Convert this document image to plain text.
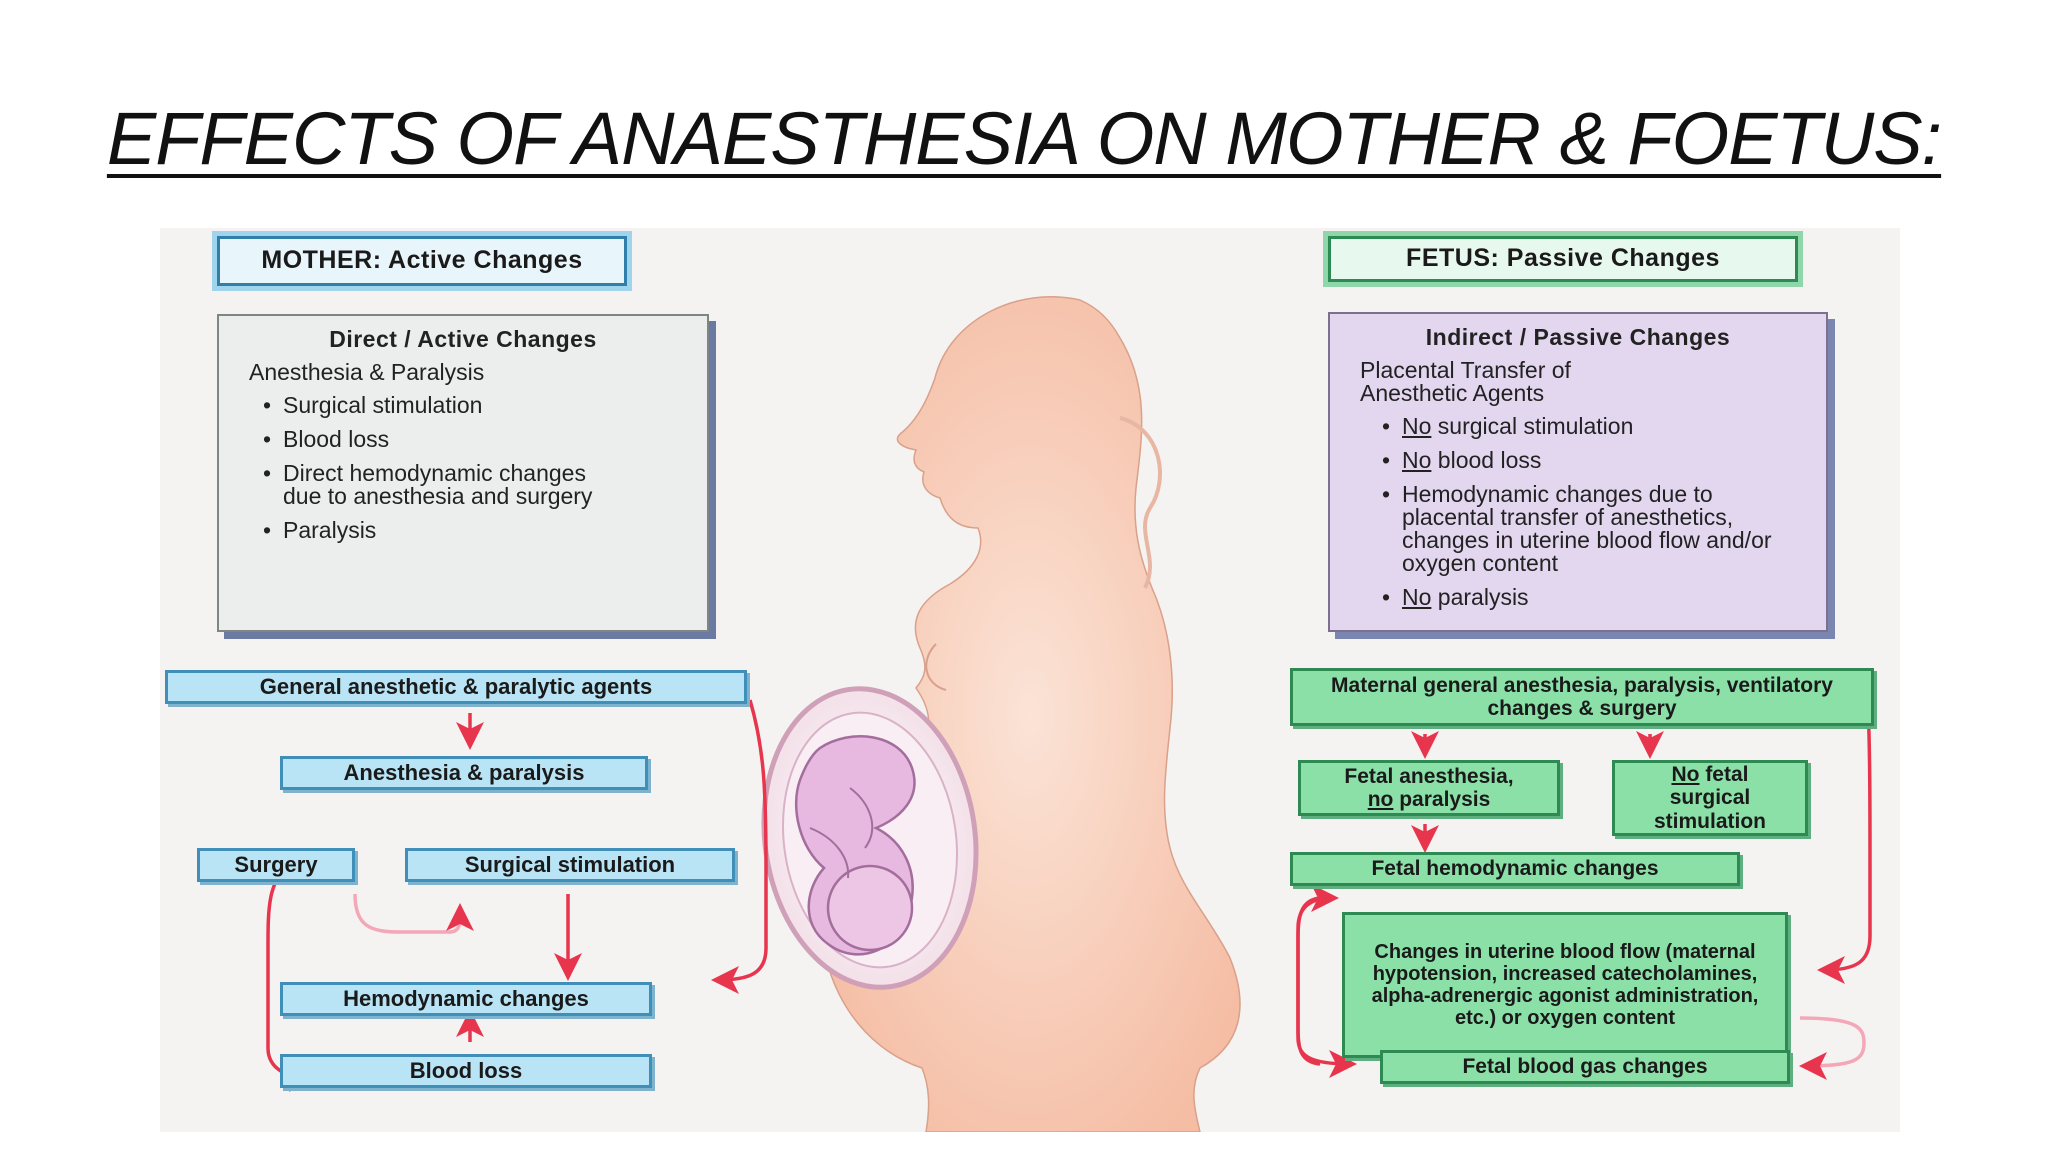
EFFECTS OF ANAESTHESIA ON MOTHER & FOETUS:
MOTHER: Active Changes
Direct / Active Changes
Anesthesia & Paralysis
• Surgical stimulation
• Blood loss
• Direct hemodynamic changes due to anesthesia and surgery
• Paralysis
General anesthetic & paralytic agents
Anesthesia & paralysis
Surgery	Surgical stimulation
Hemodynamic changes
Blood loss
FETUS: Passive Changes
Indirect / Passive Changes
Placental Transfer of Anesthetic Agents
• No surgical stimulation
• No blood loss
• Hemodynamic changes due to placental transfer of anesthetics, changes in uterine blood flow and/or oxygen content
• No paralysis
Maternal general anesthesia, paralysis, ventilatory changes & surgery
Fetal anesthesia,
no paralysis
No fetal surgical stimulation
Fetal hemodynamic changes
Changes in uterine blood flow (maternal hypotension, increased catecholamines, alpha-adrenergic agonist administration, etc.) or oxygen content
Fetal blood gas changes
